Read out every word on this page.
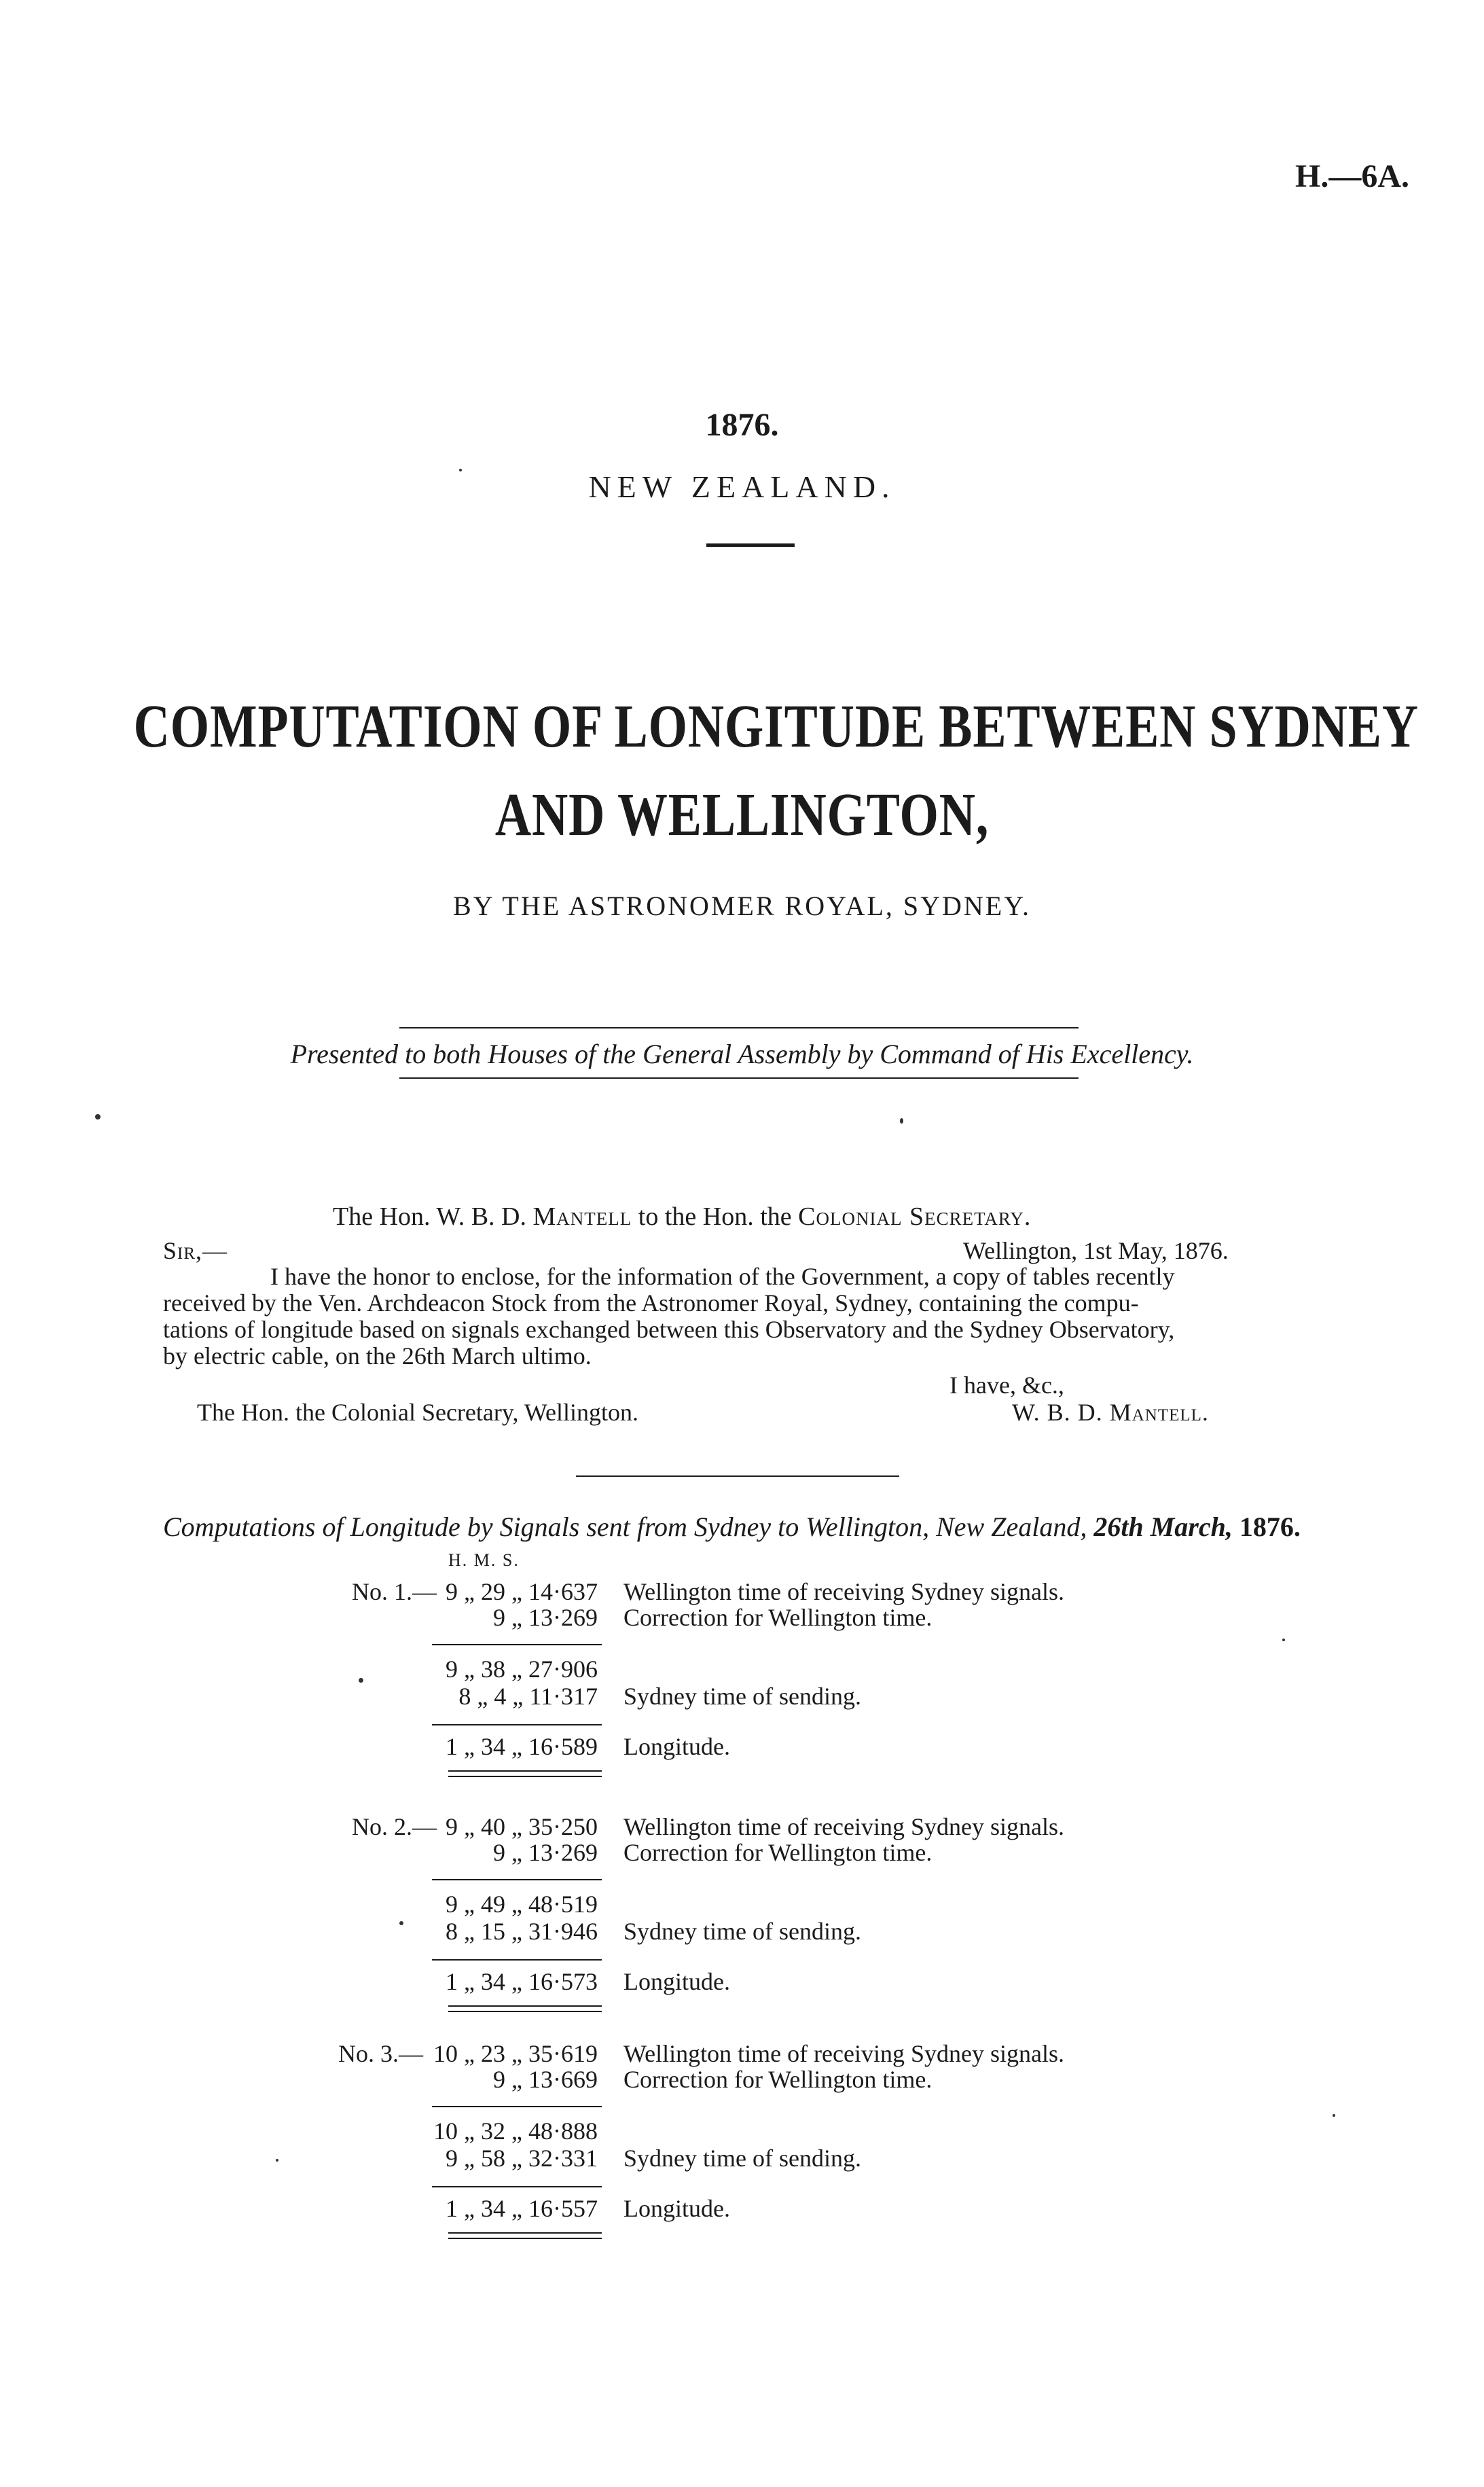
H.—6A.
1876.
NEW ZEALAND.
COMPUTATION OF LONGITUDE BETWEEN SYDNEY
AND WELLINGTON,
BY THE ASTRONOMER ROYAL, SYDNEY.
Presented to both Houses of the General Assembly by Command of His Excellency.
The Hon. W. B. D. Mantell to the Hon. the Colonial Secretary.
Sir,—	Wellington, 1st May, 1876.
I have the honor to enclose, for the information of the Government, a copy of tables recently
received by the Ven. Archdeacon Stock from the Astronomer Royal, Sydney, containing the compu-
tations of longitude based on signals exchanged between this Observatory and the Sydney Observatory,
by electric cable, on the 26th March ultimo.
I have, &c.,
The Hon. the Colonial Secretary, Wellington.	W. B. D. Mantell.
Computations of Longitude by Signals sent from Sydney to Wellington, New Zealand, 26th March, 1876.
H. M. S.
No. 1.— 9 „ 29 „ 14·637 Wellington time of receiving Sydney signals.
9 „ 13·269 Correction for Wellington time.
9 „ 38 „ 27·906
8 „ 4 „ 11·317 Sydney time of sending.
1 „ 34 „ 16·589 Longitude.
No. 2.— 9 „ 40 „ 35·250 Wellington time of receiving Sydney signals.
9 „ 13·269 Correction for Wellington time.
9 „ 49 „ 48·519
8 „ 15 „ 31·946 Sydney time of sending.
1 „ 34 „ 16·573 Longitude.
No. 3.— 10 „ 23 „ 35·619 Wellington time of receiving Sydney signals.
9 „ 13·669 Correction for Wellington time.
10 „ 32 „ 48·888
9 „ 58 „ 32·331 Sydney time of sending.
1 „ 34 „ 16·557 Longitude.
